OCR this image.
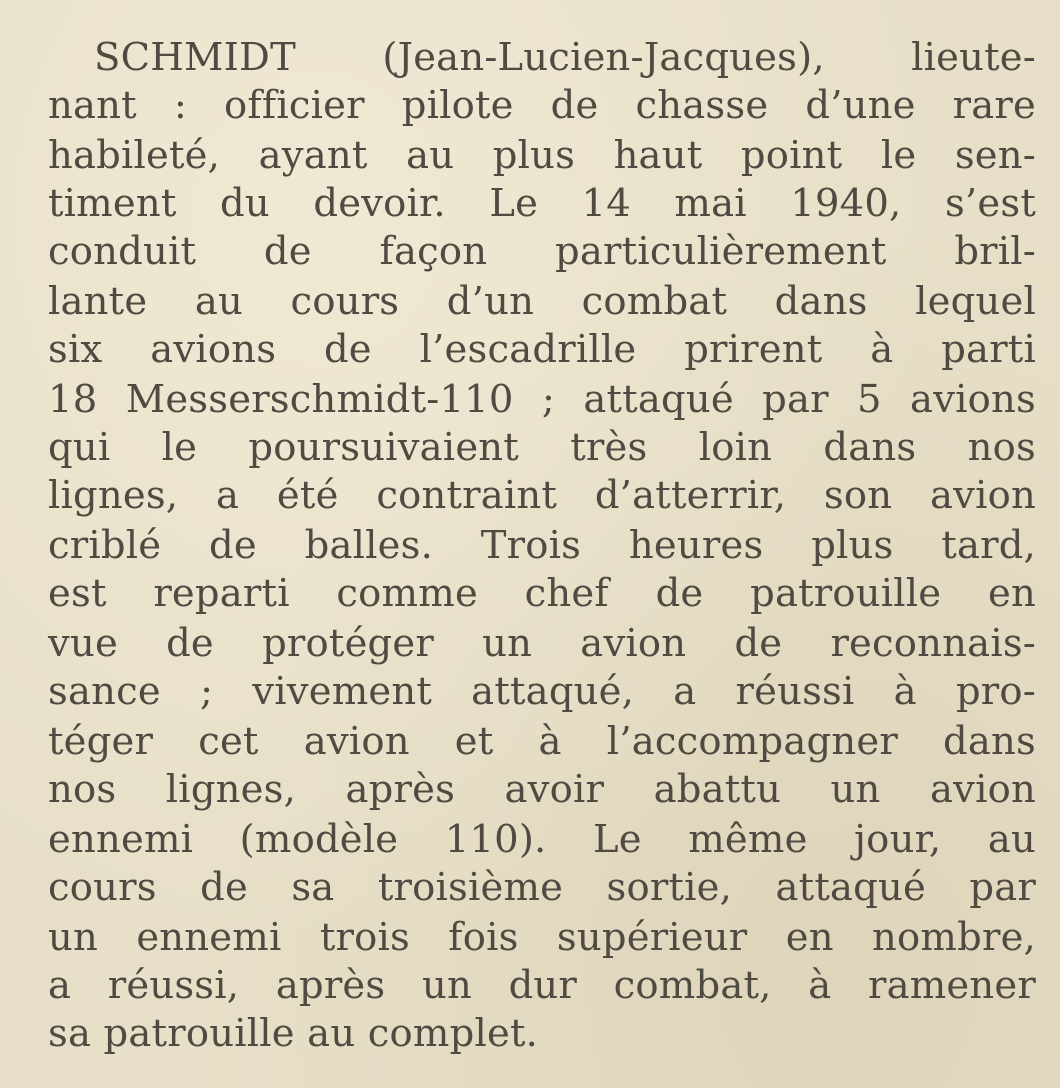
SCHMIDT (Jean-Lucien-Jacques), lieute-

nant : officier pilote de chasse d’une rare

habileté, ayant au plus haut point le sen-

timent du devoir. Le 14 mai 1940, s’est

conduit de façon particulièrement bril-

lante au cours d’un combat dans lequel

six avions de l’escadrille prirent à parti

18 Messerschmidt-110 ; attaqué par 5 avions

qui le poursuivaient très loin dans nos

lignes, a été contraint d’atterrir, son avion

criblé de balles. Trois heures plus tard,

est reparti comme chef de patrouille en

vue de protéger un avion de reconnais-

sance ; vivement attaqué, a réussi à pro-

téger cet avion et à l’accompagner dans

nos lignes, après avoir abattu un avion

ennemi (modèle 110). Le même jour, au

cours de sa troisième sortie, attaqué par

un ennemi trois fois supérieur en nombre,

a réussi, après un dur combat, à ramener

sa patrouille au complet.
